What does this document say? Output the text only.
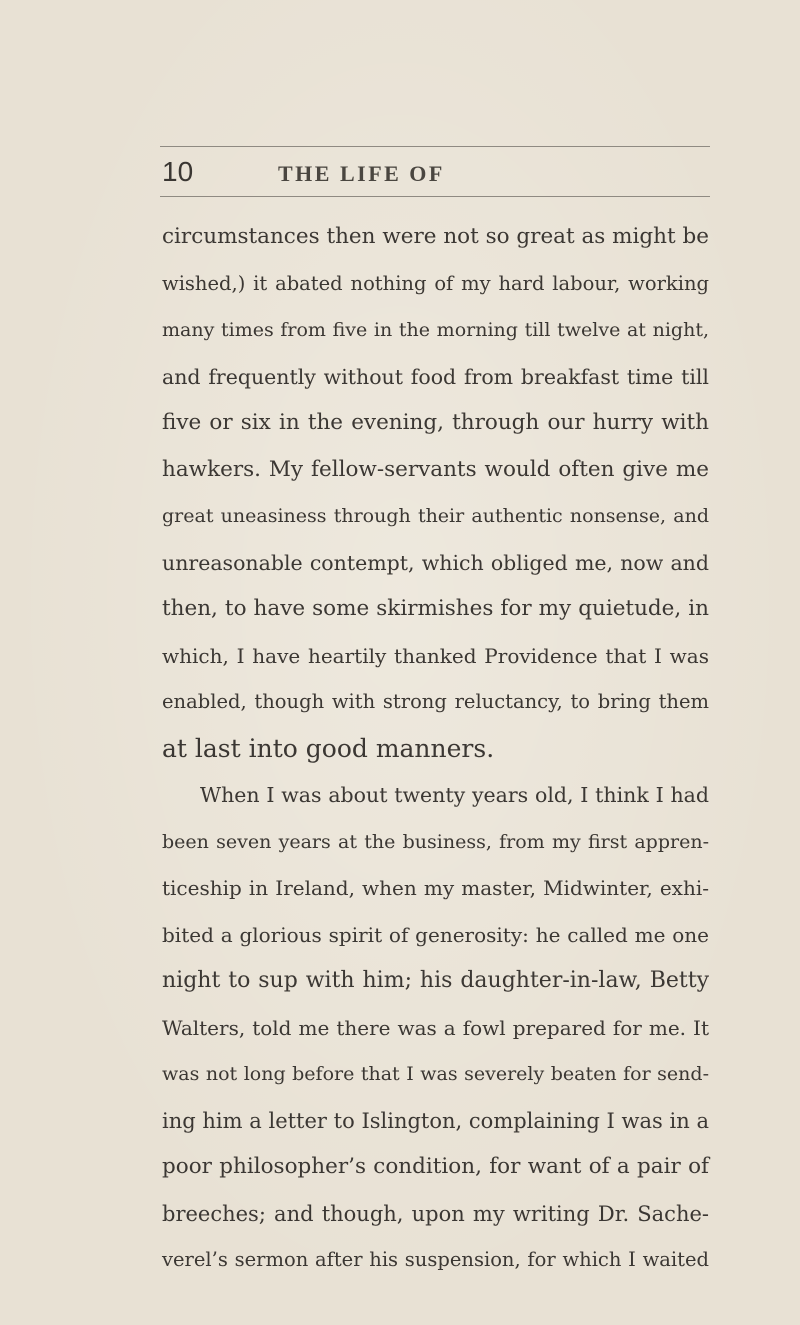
10	THE LIFE OF
circumstances then were not so great as might be
wished,) it abated nothing of my hard labour, working
many times from five in the morning till twelve at night,
and frequently without food from breakfast time till
five or six in the evening, through our hurry with
hawkers. My fellow-servants would often give me
great uneasiness through their authentic nonsense, and
unreasonable contempt, which obliged me, now and
then, to have some skirmishes for my quietude, in
which, I have heartily thanked Providence that I was
enabled, though with strong reluctancy, to bring them
at last into good manners.
When I was about twenty years old, I think I had
been seven years at the business, from my first appren-
ticeship in Ireland, when my master, Midwinter, exhi-
bited a glorious spirit of generosity: he called me one
night to sup with him; his daughter-in-law, Betty
Walters, told me there was a fowl prepared for me. It
was not long before that I was severely beaten for send-
ing him a letter to Islington, complaining I was in a
poor philosopher’s condition, for want of a pair of
breeches; and though, upon my writing Dr. Sache-
verel’s sermon after his suspension, for which I waited
